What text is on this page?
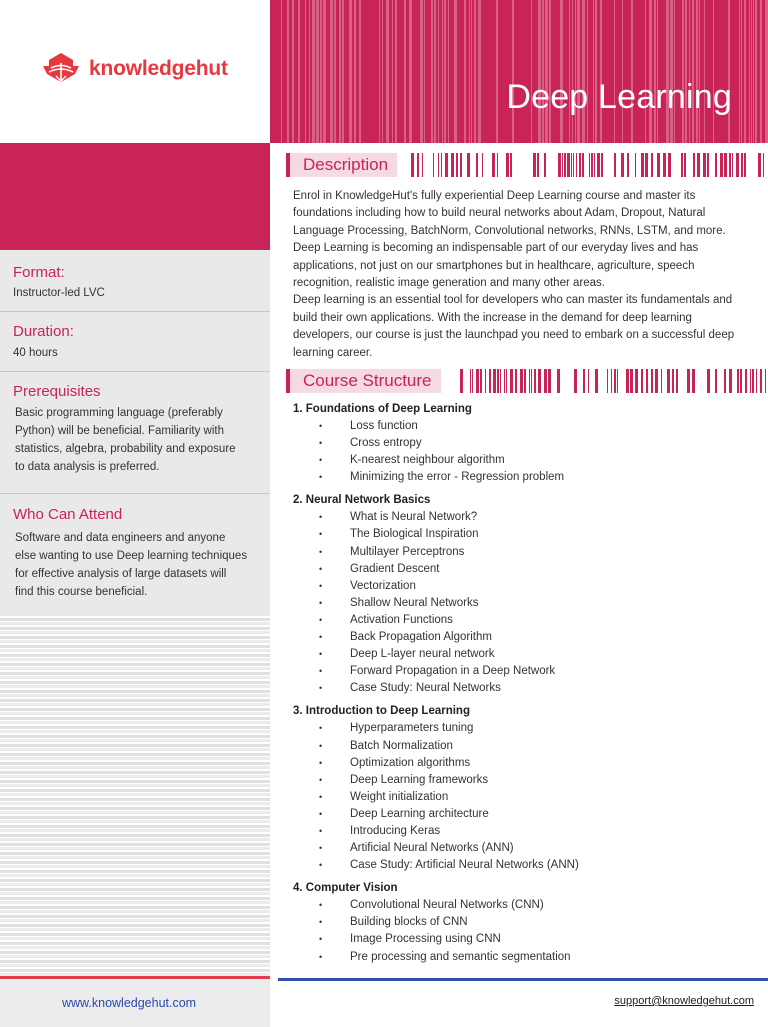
knowledgehut
Format:
Instructor-led LVC
Duration:
40 hours
Prerequisites
Basic programming language (preferably Python) will be beneficial. Familiarity with statistics, algebra, probability and exposure to data analysis is preferred.
Who Can Attend
Software and data engineers and anyone else wanting to use Deep learning techniques for effective analysis of large datasets will find this course beneficial.
www.knowledgehut.com
Deep Learning
Description

Enrol in KnowledgeHut's fully experiential Deep Learning course and master its foundations including how to build neural networks about Adam, Dropout, Natural Language Processing, BatchNorm, Convolutional networks, RNNs, LSTM, and more.

Deep Learning is becoming an indispensable part of our everyday lives and has applications, not just on our smartphones but in healthcare, agriculture, speech recognition, realistic image generation and many other areas.

Deep learning is an essential tool for developers who can master its fundamentals and build their own applications. With the increase in the demand for deep learning developers, our course is just the launchpad you need to embark on a successful deep learning career.

Course Structure
1. Foundations of Deep Learning
• Loss function
• Cross entropy
• K-nearest neighbour algorithm
• Minimizing the error - Regression problem
2. Neural Network Basics
• What is Neural Network?
• The Biological Inspiration
• Multilayer Perceptrons
• Gradient Descent
• Vectorization
• Shallow Neural Networks
• Activation Functions
• Back Propagation Algorithm
• Deep L-layer neural network
• Forward Propagation in a Deep Network
• Case Study: Neural Networks
3. Introduction to Deep Learning
• Hyperparameters tuning
• Batch Normalization
• Optimization algorithms
• Deep Learning frameworks
• Weight initialization
• Deep Learning architecture
• Introducing Keras
• Artificial Neural Networks (ANN)
• Case Study: Artificial Neural Networks (ANN)
4. Computer Vision
• Convolutional Neural Networks (CNN)
• Building blocks of CNN
• Image Processing using CNN
• Pre processing and semantic segmentation
support@knowledgehut.com
